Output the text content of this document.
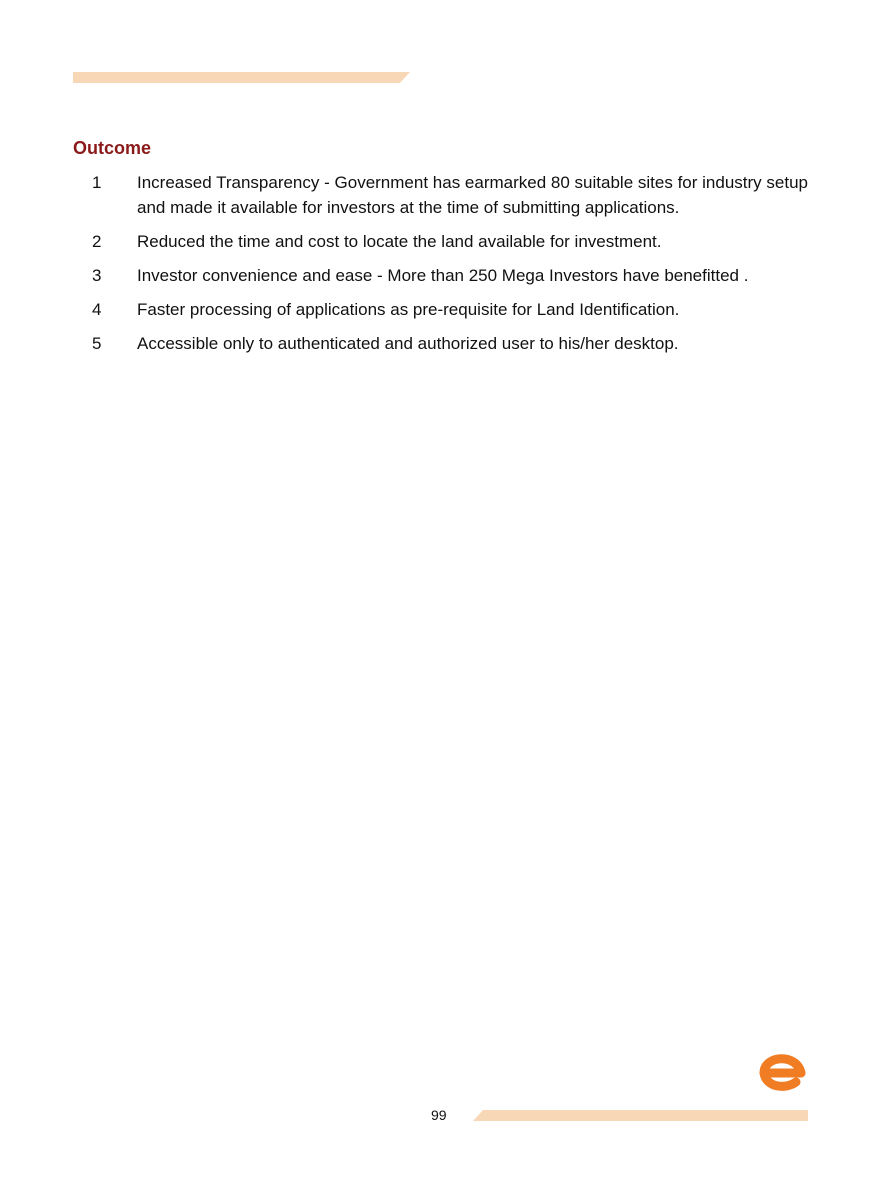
Outcome
1	Increased Transparency - Government has earmarked 80 suitable sites for industry setup and made it available for investors at the time of submitting applications.
2	Reduced the time and cost to locate the land available for investment.
3	Investor convenience and ease - More than 250 Mega Investors have benefitted .
4	Faster processing of applications as pre-requisite for Land Identification.
5	Accessible only to authenticated and authorized user to his/her desktop.
99
